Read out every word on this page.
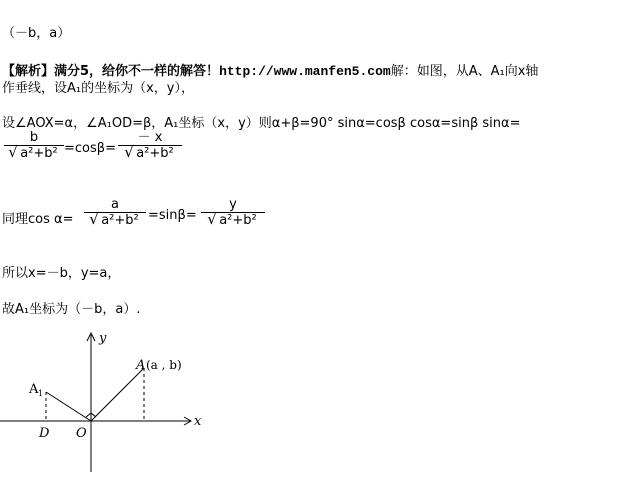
（－b，a）
【解析】满分5，给你不一样的解答！http://www.manfen5.com解：如图，从A、A₁向x轴
作垂线，设A₁的坐标为（x，y），
设∠AOX=α，∠A₁OD=β，A₁坐标（x，y）则α+β=90° sinα=cosβ cosα=sinβ sinα=
b
√ a²+b² =cosβ=
－ x
√ a²+b²
同理cos α=
a
√ a²+b² =sinβ=
y
√ a²+b²
所以x=－b，y=a，
故A₁坐标为（－b，a）.
y
x
A (a , b)
A 1
D O
